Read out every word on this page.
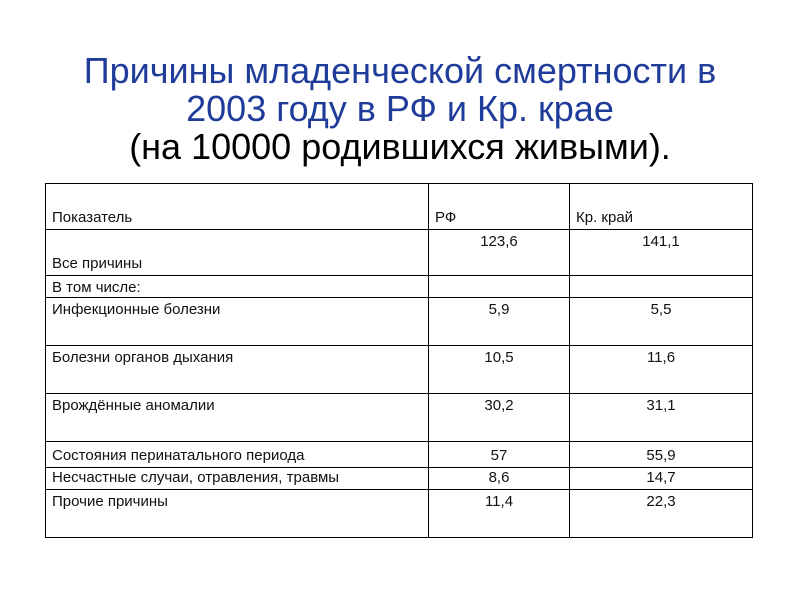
Причины младенческой смертности в
2003 году в РФ и Кр. крае
(на 10000 родившихся живыми).
Показатель	РФ	Кр. край
Все причины	123,6	141,1
В том числе:		
Инфекционные болезни	5,9	5,5
Болезни органов дыхания	10,5	11,6
Врождённые аномалии	30,2	31,1
Состояния перинатального периода	57	55,9
Несчастные случаи, отравления, травмы	8,6	14,7
Прочие причины	11,4	22,3
